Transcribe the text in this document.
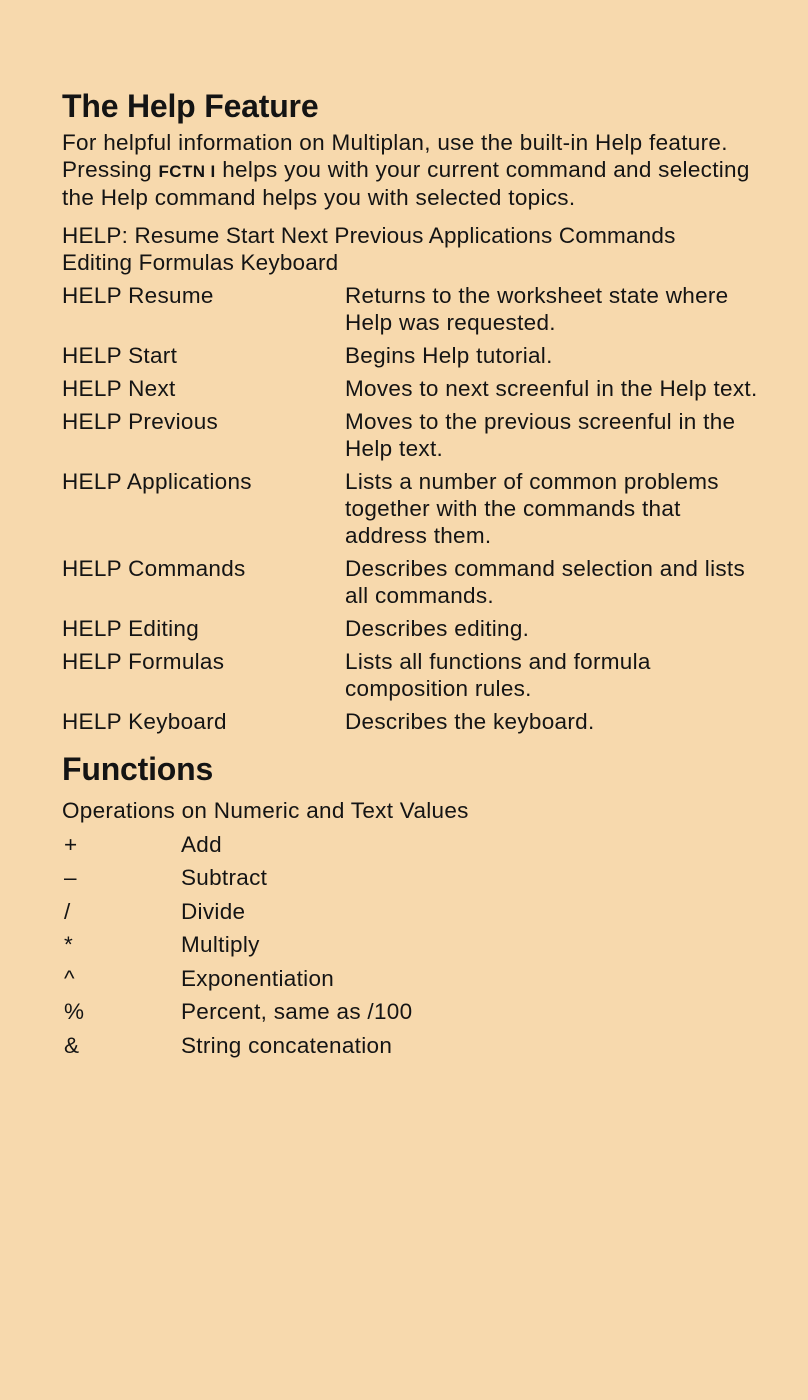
The Help Feature

For helpful information on Multiplan, use the built-in Help feature. Pressing FCTN I helps you with your current command and selecting the Help command helps you with selected topics.

HELP: Resume Start Next Previous Applications Commands Editing Formulas Keyboard

HELP Resume	Returns to the worksheet state where Help was requested.
HELP Start	Begins Help tutorial.
HELP Next	Moves to next screenful in the Help text.
HELP Previous	Moves to the previous screenful in the Help text.
HELP Applications	Lists a number of common problems together with the commands that address them.
HELP Commands	Describes command selection and lists all commands.
HELP Editing	Describes editing.
HELP Formulas	Lists all functions and formula composition rules.
HELP Keyboard	Describes the keyboard.
Functions

Operations on Numeric and Text Values

+	Add
–	Subtract
/	Divide
*	Multiply
^	Exponentiation
%	Percent, same as /100
&	String concatenation
